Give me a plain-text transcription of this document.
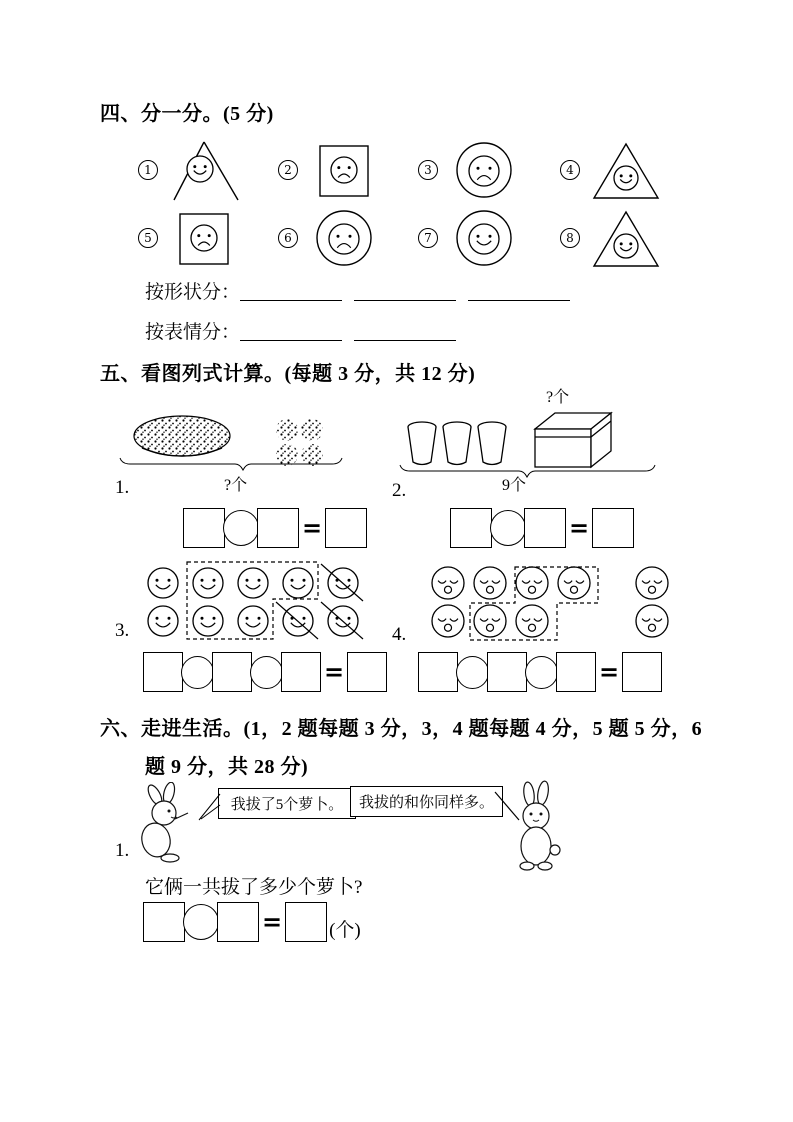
四、分一分。(5 分)
1	2	3	4
5	6	7	8
按形状分：
按表情分：
五、看图列式计算。(每题 3 分，共 12 分)
1.	?个	2.
?个
9个
=	=
3.	4.
=	=
六、走进生活。(1，2 题每题 3 分，3，4 题每题 4 分，5 题 5 分，6
题 9 分，共 28 分)
我拔了5个萝卜。 我拔的和你同样多。
1.
它俩一共拔了多少个萝卜?
= (个)
